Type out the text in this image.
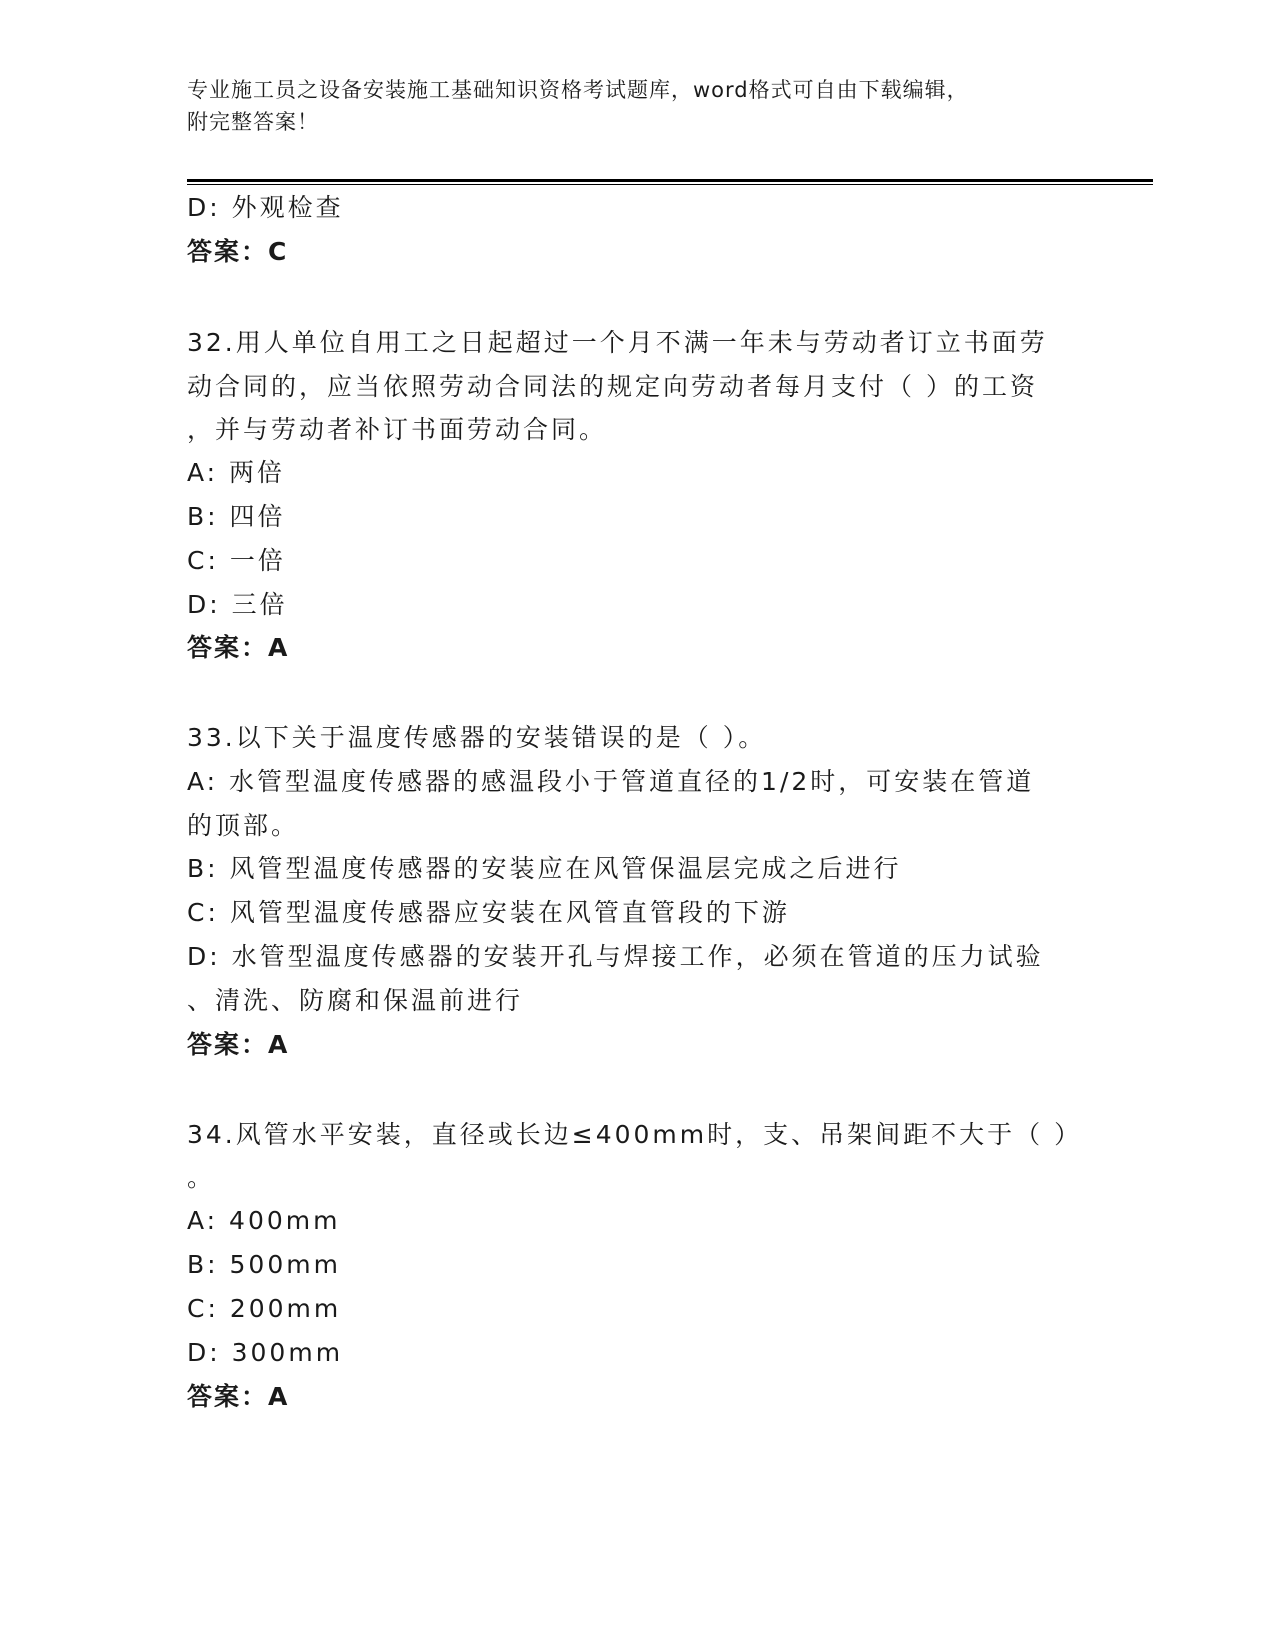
专业施工员之设备安装施工基础知识资格考试题库，word格式可自由下载编辑，
附完整答案！
D: 外观检查
答案：C
32.用人单位自用工之日起超过一个月不满一年未与劳动者订立书面劳
动合同的，应当依照劳动合同法的规定向劳动者每月支付（ ）的工资
，并与劳动者补订书面劳动合同。
A: 两倍
B: 四倍
C: 一倍
D: 三倍
答案：A
33.以下关于温度传感器的安装错误的是（ ）。
A: 水管型温度传感器的感温段小于管道直径的1/2时，可安装在管道
的顶部。
B: 风管型温度传感器的安装应在风管保温层完成之后进行
C: 风管型温度传感器应安装在风管直管段的下游
D: 水管型温度传感器的安装开孔与焊接工作，必须在管道的压力试验
、清洗、防腐和保温前进行
答案：A
34.风管水平安装，直径或长边≤400mm时，支、吊架间距不大于（ ）
。
A: 400mm
B: 500mm
C: 200mm
D: 300mm
答案：A
